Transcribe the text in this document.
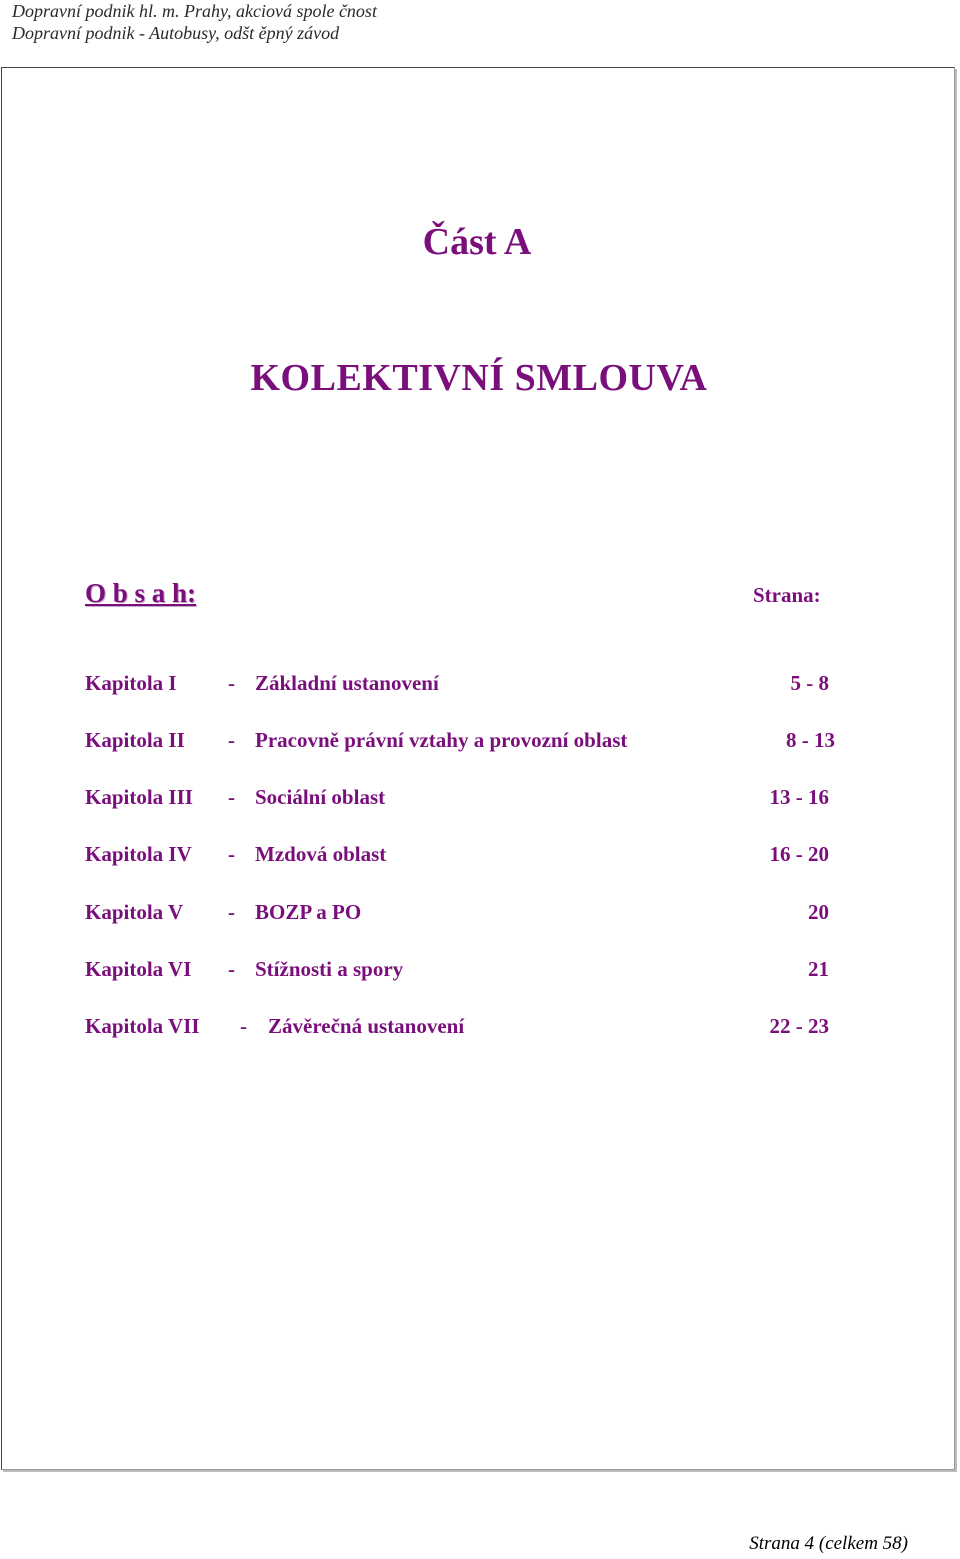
Dopravní podnik hl. m. Prahy, akciová spole čnost
Dopravní podnik - Autobusy, odšt ěpný závod
Část A
KOLEKTIVNÍ SMLOUVA
O b s a h:	Strana:
Kapitola I - Základní ustanovení	5 - 8
Kapitola II - Pracovně právní vztahy a provozní oblast	8 - 13
Kapitola III - Sociální oblast	13 - 16
Kapitola IV - Mzdová oblast	16 - 20
Kapitola V - BOZP a PO	20
Kapitola VI - Stížnosti a spory	21
Kapitola VII - Závěrečná ustanovení	22 - 23
Strana 4 (celkem 58)
